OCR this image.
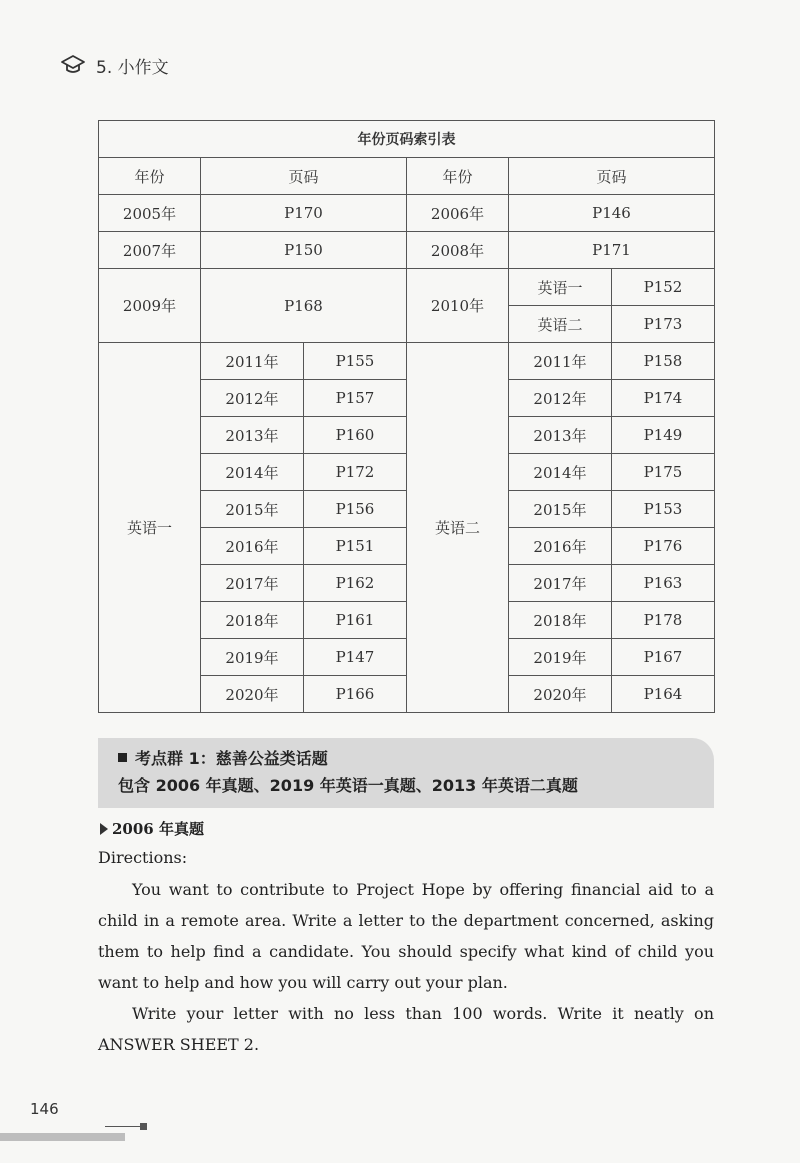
5. 小作文
年份页码索引表					
年份	页码		年份	页码	
2005年	P170		2006年	P146	
2007年	P150		2008年	P171	
2009年	P168		2010年	英语一	P152
				英语二	P173
英语一	2011年	P155	英语二	2011年	P158
	2012年	P157		2012年	P174
	2013年	P160		2013年	P149
	2014年	P172		2014年	P175
	2015年	P156		2015年	P153
	2016年	P151		2016年	P176
	2017年	P162		2017年	P163
	2018年	P161		2018年	P178
	2019年	P147		2019年	P167
	2020年	P166		2020年	P164
考点群 1：慈善公益类话题
包含 2006 年真题、2019 年英语一真题、2013 年英语二真题
2006 年真题
Directions:
You want to contribute to Project Hope by offering financial aid to a child in a remote area. Write a letter to the department concerned, asking them to help find a candidate. You should specify what kind of child you want to help and how you will carry out your plan.
Write your letter with no less than 100 words. Write it neatly on ANSWER SHEET 2.
146
